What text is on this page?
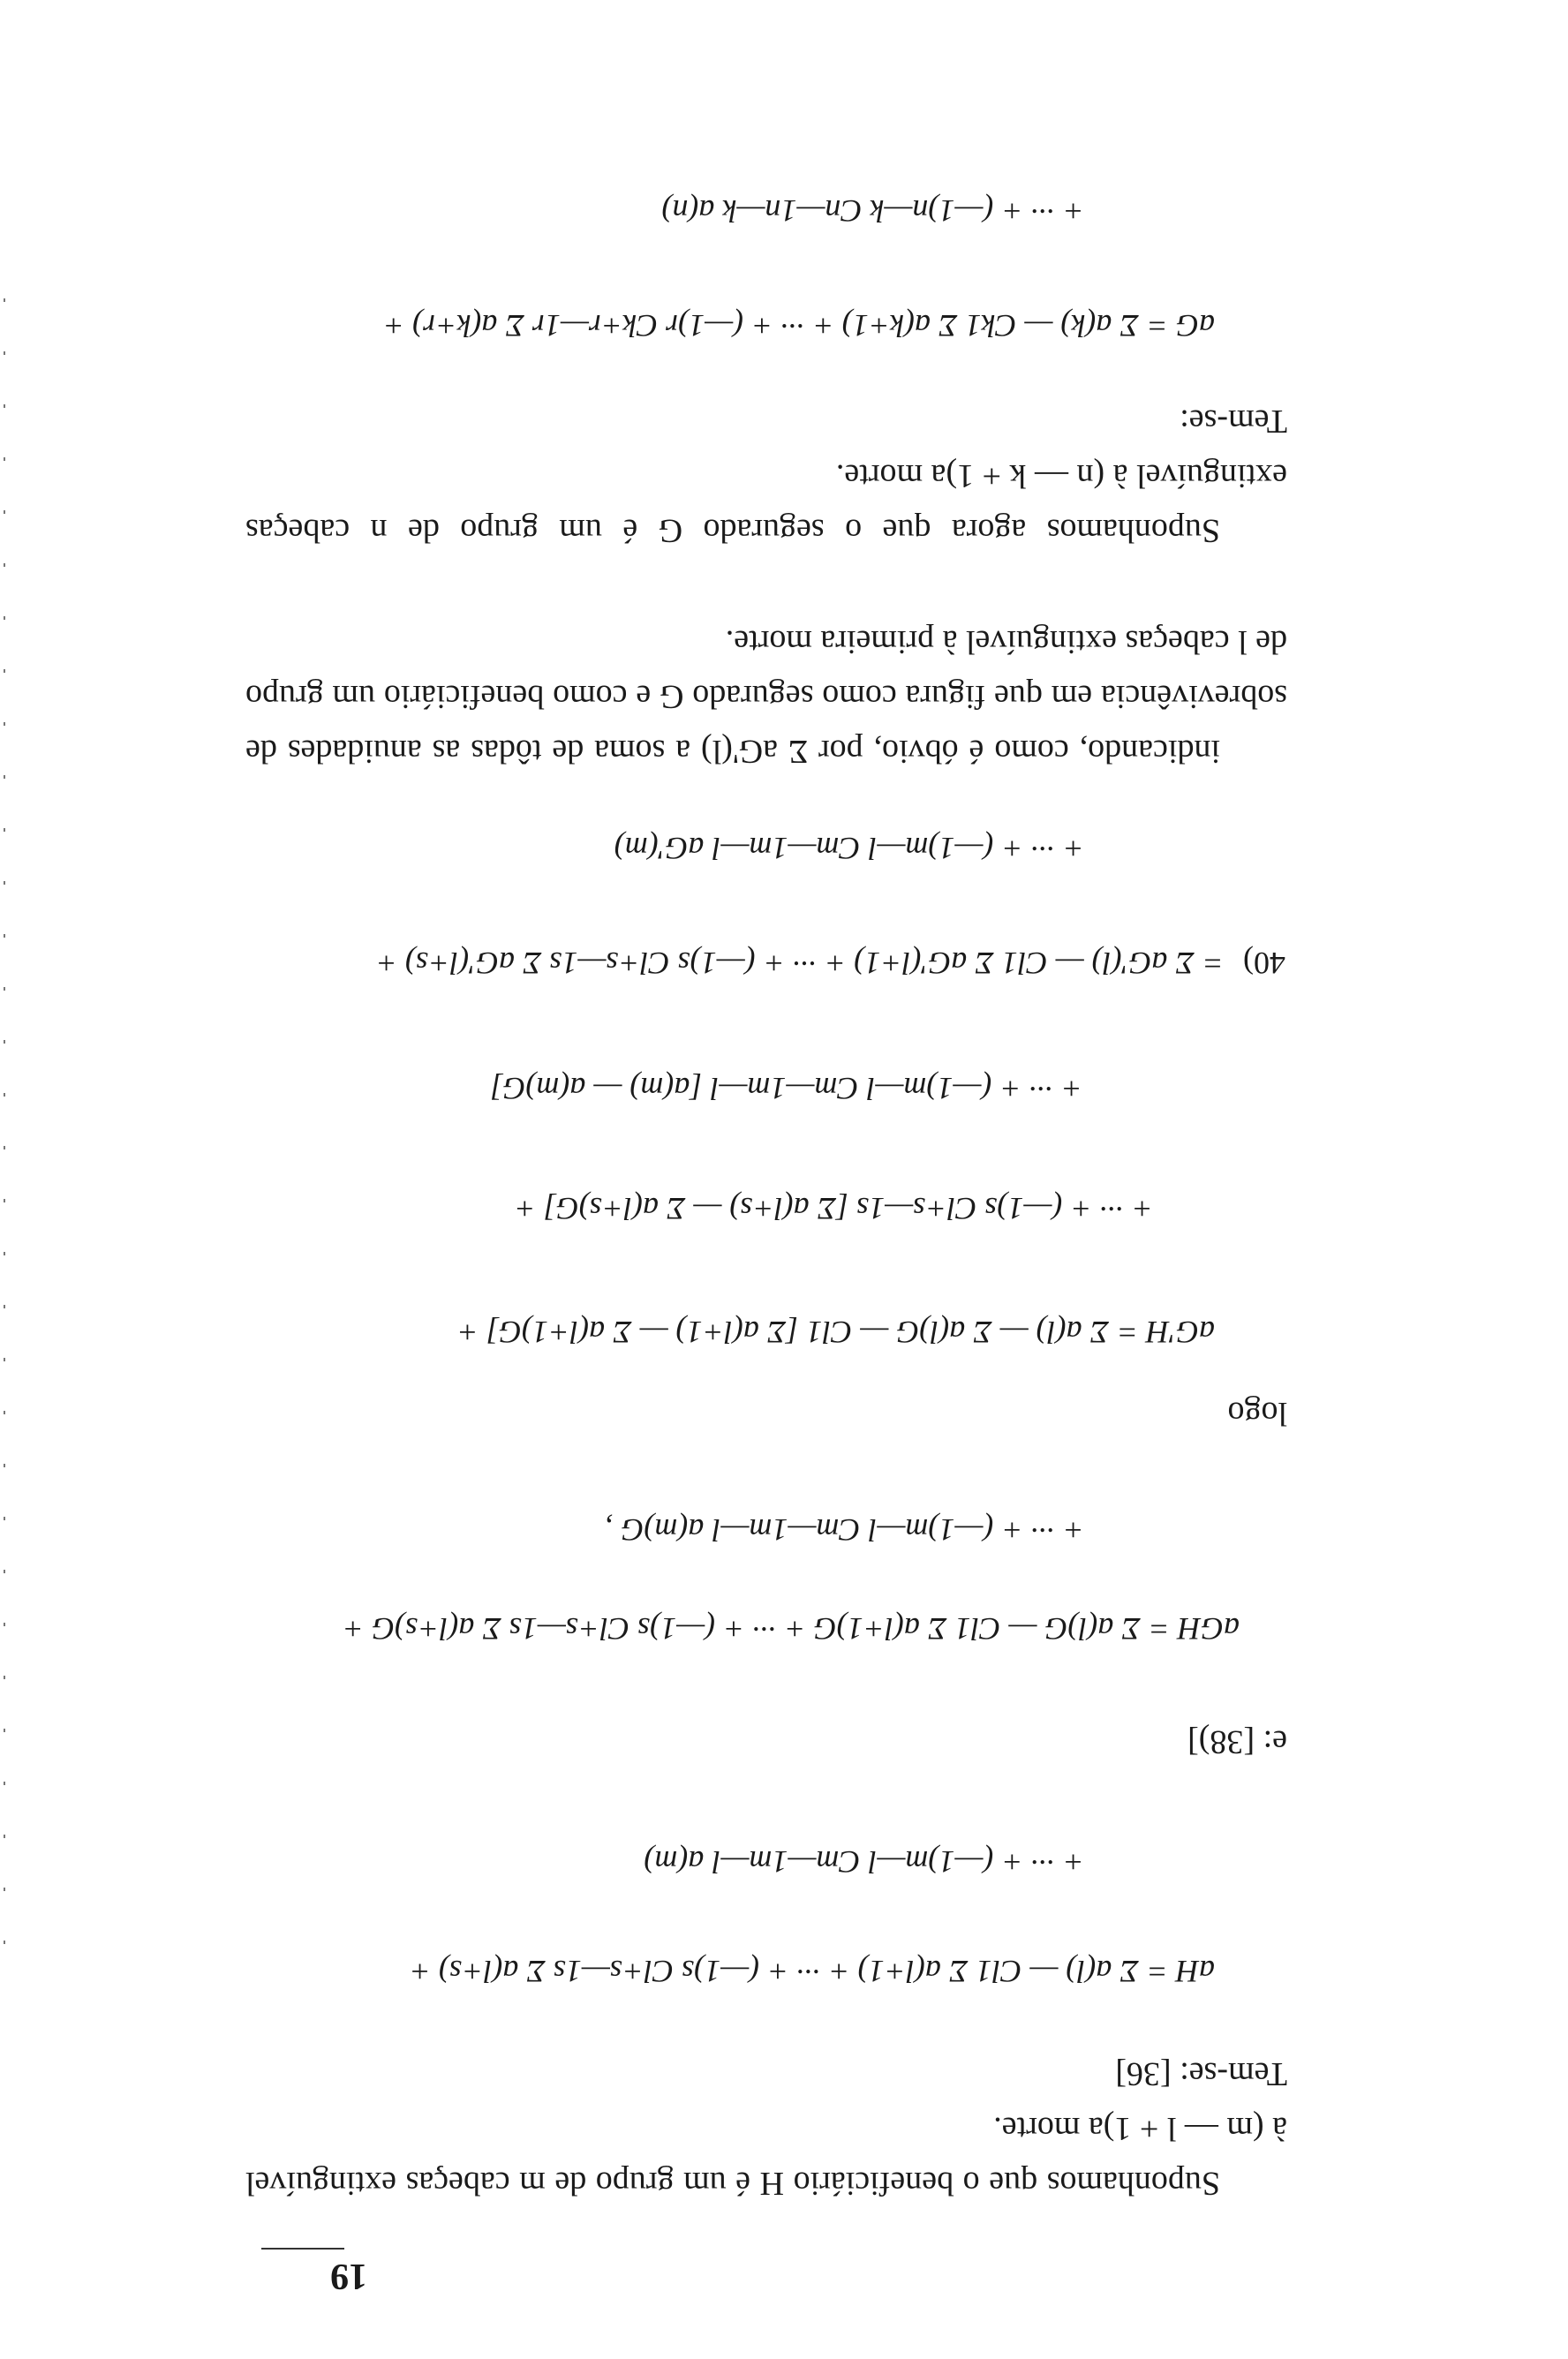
19
Suponhamos que o beneficiário H é um grupo de m cabeças extinguível à (m — l + 1)a morte.
Tem-se: [36]
aH = Σ a(l) — Cl1 Σ a(l+1) + ··· + (—1)s Cl+s—1s Σ a(l+s) +
+ ··· + (—1)m—l Cm—1m—l a(m)
e: [38)]
aGH = Σ a(l)G — Cl1 Σ a(l+1)G + ··· + (—1)s Cl+s—1s Σ a(l+s)G +
+ ··· + (—1)m—l Cm—1m—l a(m)G ,
logo
aG'H = Σ a(l) — Σ a(l)G — Cl1 [Σ a(l+1) — Σ a(l+1)G] +
+ ··· + (—1)s Cl+s—1s [Σ a(l+s) — Σ a(l+s)G] +
+ ··· + (—1)m—l Cm—1m—l [a(m) — a(m)G]
40)= Σ aG'(l) — Cl1 Σ aG'(l+1) + ··· + (—1)s Cl+s—1s Σ aG'(l+s) +
+ ··· + (—1)m—l Cm—1m—l aG'(m)
indicando, como é óbvio, por Σ aG'(l) a soma de tôdas as anuidades de sobrevivência em que figura como segurado G e como beneficiário um grupo de l cabeças extinguível à primeira morte.
Suponhamos agora que o segurado G é um grupo de n cabeças extinguível à (n — k + 1)a morte.
Tem-se:
aG = Σ a(k) — Ck1 Σ a(k+1) + ··· + (—1)r Ck+r—1r Σ a(k+r) +
+ ··· + (—1)n—k Cn—1n—k a(n)
